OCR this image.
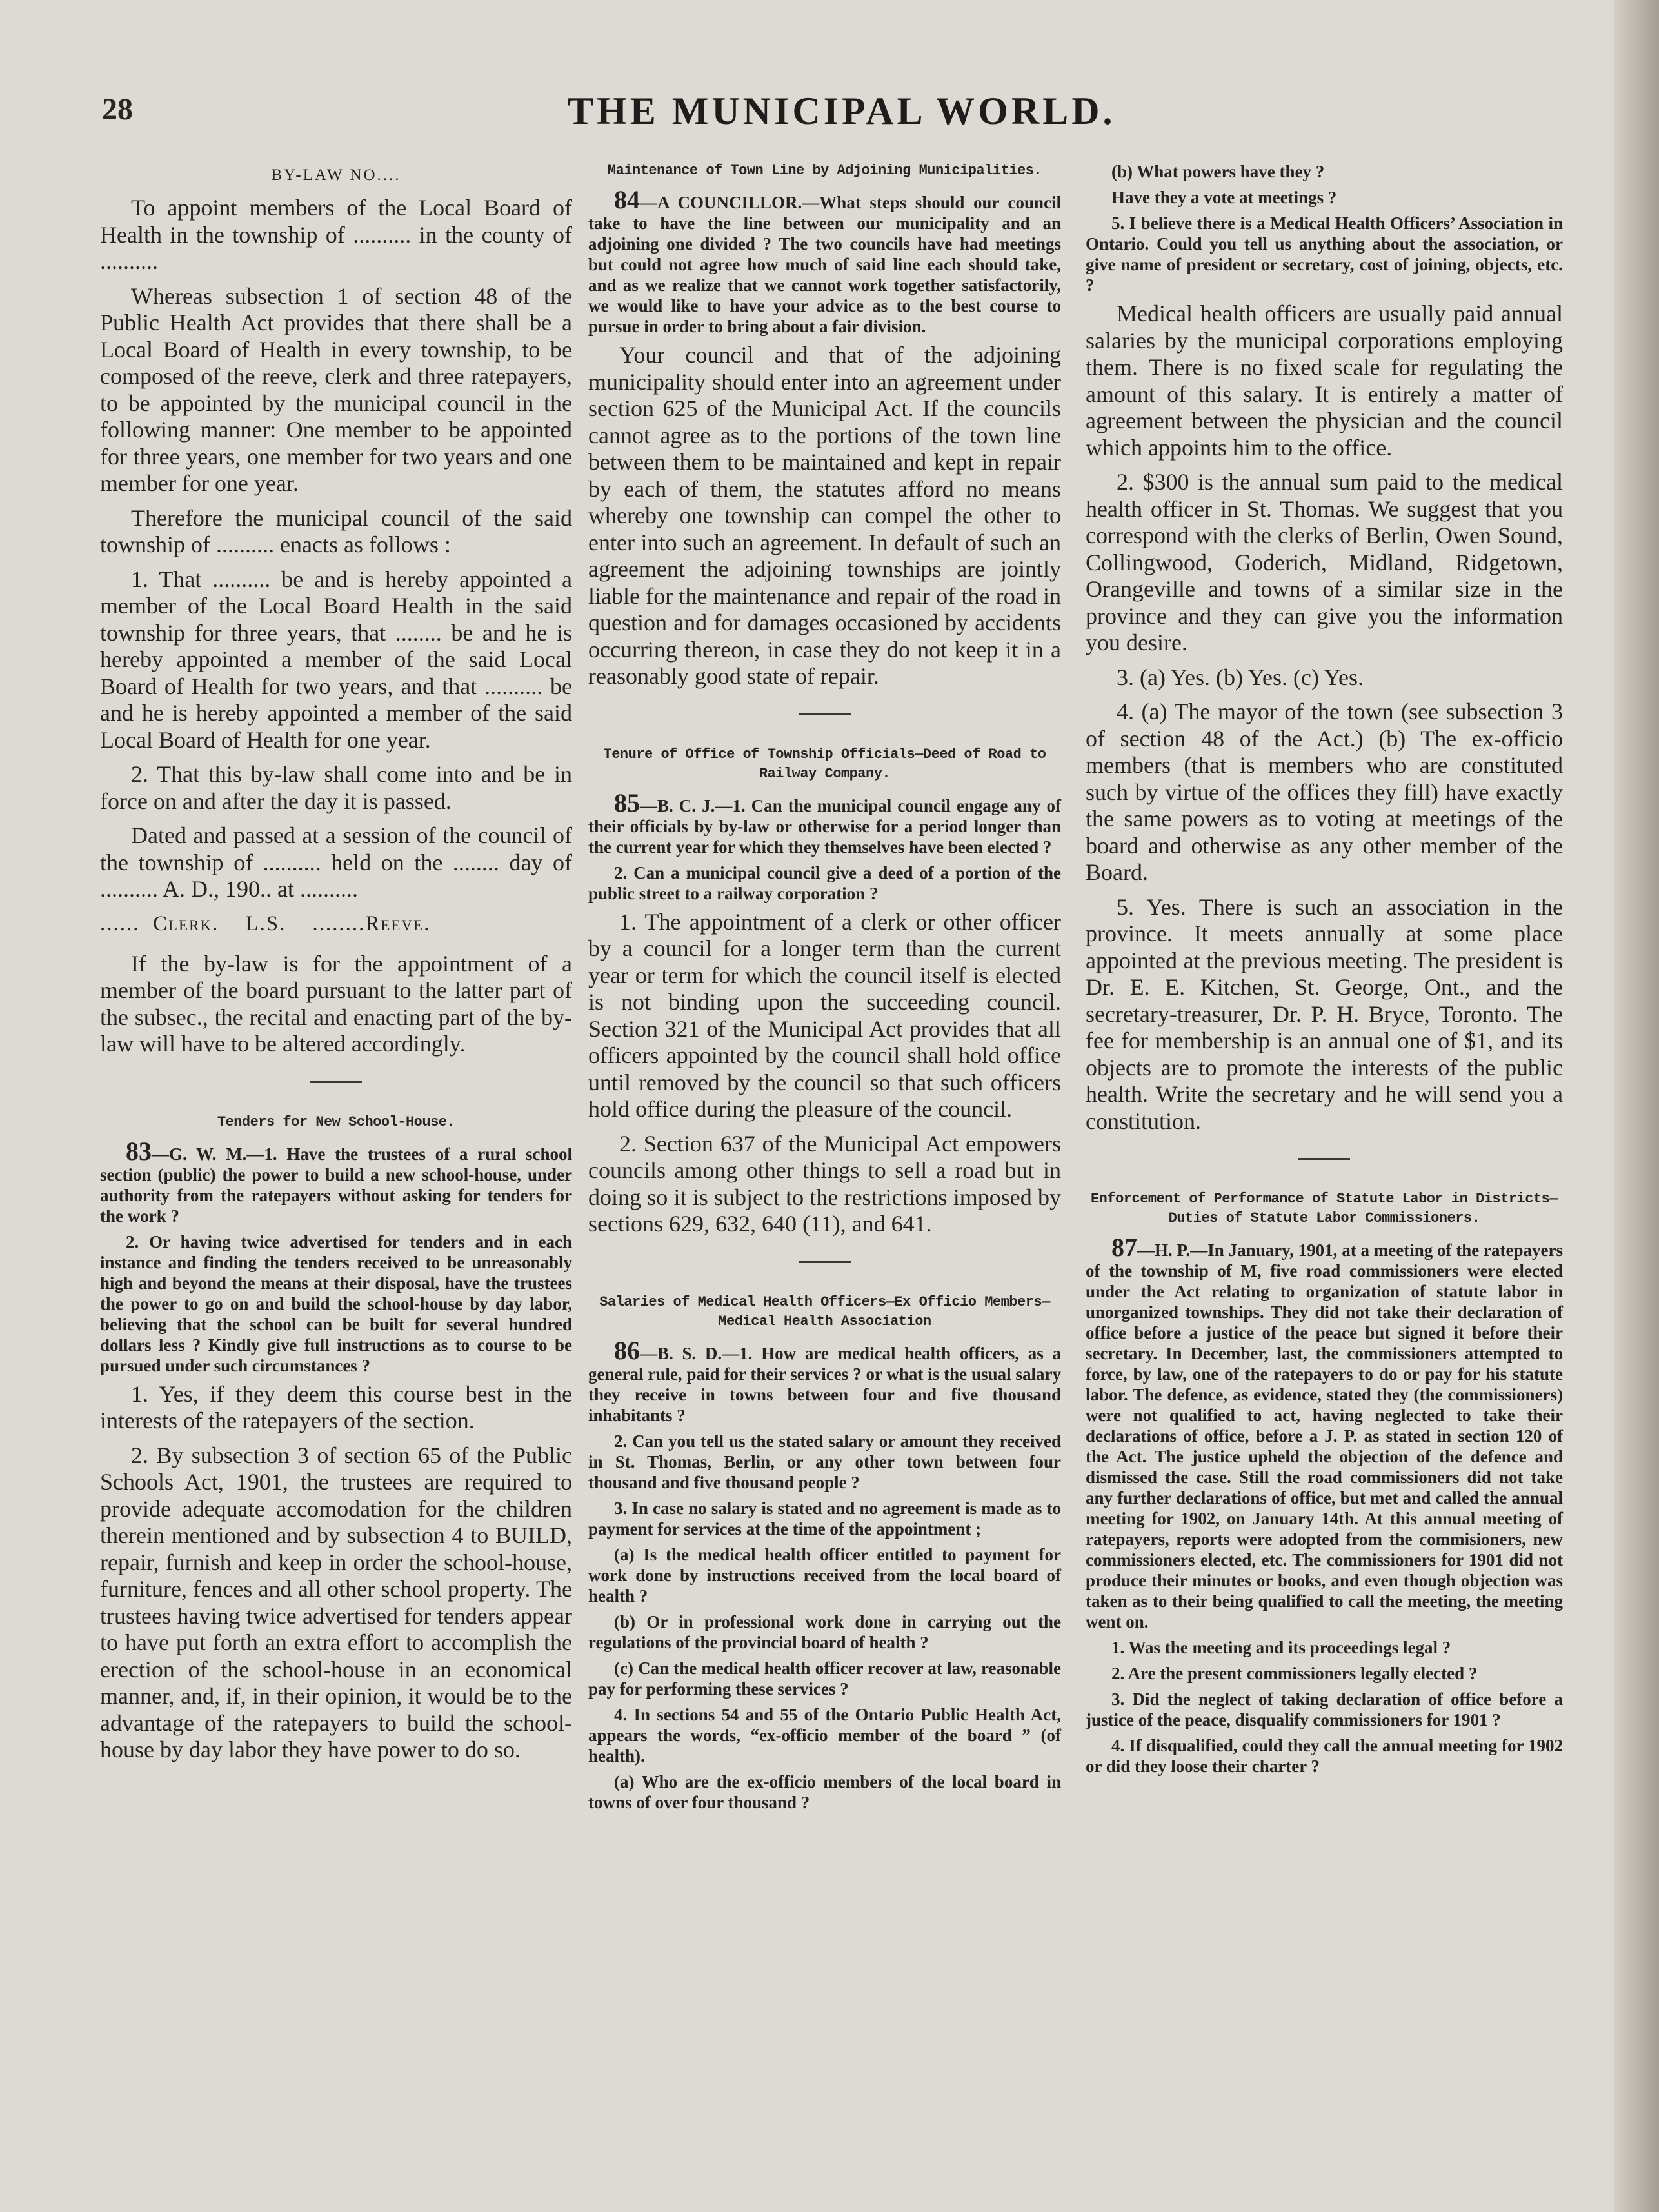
28	THE MUNICIPAL WORLD.
BY-LAW NO....

To appoint members of the Local Board of Health in the township of .......... in the county of ..........

Whereas subsection 1 of section 48 of the Public Health Act provides that there shall be a Local Board of Health in every township, to be composed of the reeve, clerk and three ratepayers, to be appointed by the municipal council in the following manner: One member to be appointed for three years, one member for two years and one member for one year.

Therefore the municipal council of the said township of .......... enacts as follows :

1. That .......... be and is hereby appointed a member of the Local Board Health in the said township for three years, that ........ be and he is hereby appointed a member of the said Local Board of Health for two years, and that .......... be and he is hereby appointed a member of the said Local Board of Health for one year.

2. That this by-law shall come into and be in force on and after the day it is passed.

Dated and passed at a session of the council of the township of .......... held on the ........ day of .......... A. D., 190.. at ..........

......  Clerk.    L.S.    ........Reeve.

If the by-law is for the appointment of a member of the board pursuant to the latter part of the subsec., the recital and enacting part of the by-law will have to be altered accordingly.

Tenders for New School-House.

83—G. W. M.—1. Have the trustees of a rural school section (public) the power to build a new school-house, under authority from the ratepayers without asking for tenders for the work ?

2. Or having twice advertised for tenders and in each instance and finding the tenders received to be unreasonably high and beyond the means at their disposal, have the trustees the power to go on and build the school-house by day labor, believing that the school can be built for several hundred dollars less ? Kindly give full instructions as to course to be pursued under such circumstances ?

1. Yes, if they deem this course best in the interests of the ratepayers of the section.

2. By subsection 3 of section 65 of the Public Schools Act, 1901, the trustees are required to provide adequate accomodation for the children therein mentioned and by subsection 4 to BUILD, repair, furnish and keep in order the school-house, furniture, fences and all other school property. The trustees having twice advertised for tenders appear to have put forth an extra effort to accomplish the erection of the school-house in an economical manner, and, if, in their opinion, it would be to the advantage of the ratepayers to build the school-house by day labor they have power to do so.

Maintenance of Town Line by Adjoining Municipalities.

84—A COUNCILLOR.—What steps should our council take to have the line between our municipality and an adjoining one divided ? The two councils have had meetings but could not agree how much of said line each should take, and as we realize that we cannot work together satisfactorily, we would like to have your advice as to the best course to pursue in order to bring about a fair division.

Your council and that of the adjoining municipality should enter into an agreement under section 625 of the Municipal Act. If the councils cannot agree as to the portions of the town line between them to be maintained and kept in repair by each of them, the statutes afford no means whereby one township can compel the other to enter into such an agreement. In default of such an agreement the adjoining townships are jointly liable for the maintenance and repair of the road in question and for damages occasioned by accidents occurring thereon, in case they do not keep it in a reasonably good state of repair.

Tenure of Office of Township Officials—Deed of Road to Railway Company.

85—B. C. J.—1. Can the municipal council engage any of their officials by by-law or otherwise for a period longer than the current year for which they themselves have been elected ?

2. Can a municipal council give a deed of a portion of the public street to a railway corporation ?

1. The appointment of a clerk or other officer by a council for a longer term than the current year or term for which the council itself is elected is not binding upon the succeeding council. Section 321 of the Municipal Act provides that all officers appointed by the council shall hold office until removed by the council so that such officers hold office during the pleasure of the council.

2. Section 637 of the Municipal Act empowers councils among other things to sell a road but in doing so it is subject to the restrictions imposed by sections 629, 632, 640 (11), and 641.

Salaries of Medical Health Officers—Ex Officio Members—Medical Health Association

86—B. S. D.—1. How are medical health officers, as a general rule, paid for their services ? or what is the usual salary they receive in towns between four and five thousand inhabitants ?

2. Can you tell us the stated salary or amount they received in St. Thomas, Berlin, or any other town between four thousand and five thousand people ?

3. In case no salary is stated and no agreement is made as to payment for services at the time of the appointment ;

(a) Is the medical health officer entitled to payment for work done by instructions received from the local board of health ?

(b) Or in professional work done in carrying out the regulations of the provincial board of health ?

(c) Can the medical health officer recover at law, reasonable pay for performing these services ?

4. In sections 54 and 55 of the Ontario Public Health Act, appears the words, “ex-officio member of the board ” (of health).

(a) Who are the ex-officio members of the local board in towns of over four thousand ?

(b) What powers have they ?

Have they a vote at meetings ?

5. I believe there is a Medical Health Officers’ Association in Ontario. Could you tell us anything about the association, or give name of president or secretary, cost of joining, objects, etc. ?

Medical health officers are usually paid annual salaries by the municipal corporations employing them. There is no fixed scale for regulating the amount of this salary. It is entirely a matter of agreement between the physician and the council which appoints him to the office.

2. $300 is the annual sum paid to the medical health officer in St. Thomas. We suggest that you correspond with the clerks of Berlin, Owen Sound, Collingwood, Goderich, Midland, Ridgetown, Orangeville and towns of a similar size in the province and they can give you the information you desire.

3. (a) Yes. (b) Yes. (c) Yes.

4. (a) The mayor of the town (see subsection 3 of section 48 of the Act.) (b) The ex-officio members (that is members who are constituted such by virtue of the offices they fill) have exactly the same powers as to voting at meetings of the board and otherwise as any other member of the Board.

5. Yes. There is such an association in the province. It meets annually at some place appointed at the previous meeting. The president is Dr. E. E. Kitchen, St. George, Ont., and the secretary-treasurer, Dr. P. H. Bryce, Toronto. The fee for membership is an annual one of $1, and its objects are to promote the interests of the public health. Write the secretary and he will send you a constitution.

Enforcement of Performance of Statute Labor in Districts—Duties of Statute Labor Commissioners.

87—H. P.—In January, 1901, at a meeting of the ratepayers of the township of M, five road commissioners were elected under the Act relating to organization of statute labor in unorganized townships. They did not take their declaration of office before a justice of the peace but signed it before their secretary. In December, last, the commissioners attempted to force, by law, one of the ratepayers to do or pay for his statute labor. The defence, as evidence, stated they (the commissioners) were not qualified to act, having neglected to take their declarations of office, before a J. P. as stated in section 120 of the Act. The justice upheld the objection of the defence and dismissed the case. Still the road commissioners did not take any further declarations of office, but met and called the annual meeting for 1902, on January 14th. At this annual meeting of ratepayers, reports were adopted from the commisioners, new commissioners elected, etc. The commissioners for 1901 did not produce their minutes or books, and even though objection was taken as to their being qualified to call the meeting, the meeting went on.

1. Was the meeting and its proceedings legal ?

2. Are the present commissioners legally elected ?

3. Did the neglect of taking declaration of office before a justice of the peace, disqualify commissioners for 1901 ?

4. If disqualified, could they call the annual meeting for 1902 or did they loose their charter ?
